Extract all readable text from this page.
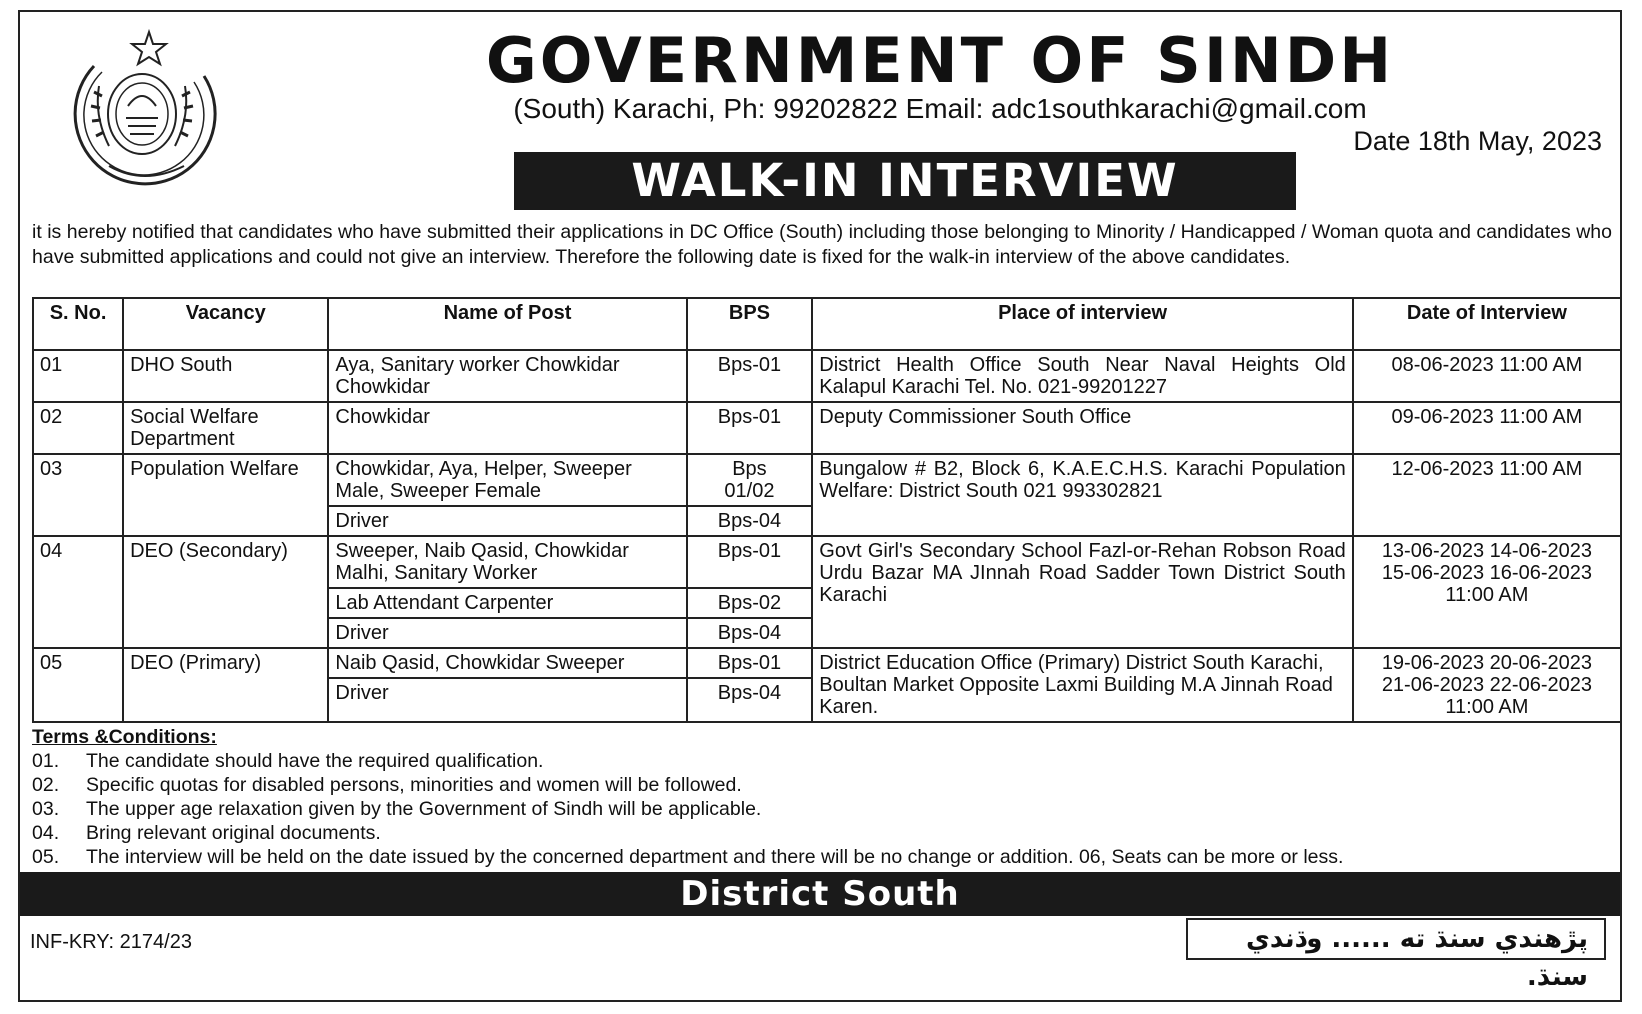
GOVERNMENT OF SINDH
(South) Karachi, Ph: 99202822 Email: adc1southkarachi@gmail.com
Date 18th May, 2023
WALK-IN INTERVIEW
it is hereby notified that candidates who have submitted their applications in DC Office (South) including those belonging to Minority / Handicapped / Woman quota and candidates who have submitted applications and could not give an interview. Therefore the following date is fixed for the walk-in interview of the above candidates.
S. No.	Vacancy	Name of Post	BPS	Place of interview	Date of Interview
01	DHO South	Aya, Sanitary worker Chowkidar Chowkidar	Bps-01	District Health Office South Near Naval Heights Old Kalapul Karachi Tel. No. 021-99201227	08-06-2023 11:00 AM
02	Social Welfare Department	Chowkidar	Bps-01	Deputy Commissioner South Office	09-06-2023 11:00 AM
03	Population Welfare	Chowkidar, Aya, Helper, Sweeper Male, Sweeper Female	Bps 01/02	Bungalow # B2, Block 6, K.A.E.C.H.S. Karachi Population Welfare: District South 021 993302821	12-06-2023 11:00 AM
		Driver	Bps-04		
04	DEO (Secondary)	Sweeper, Naib Qasid, Chowkidar Malhi, Sanitary Worker	Bps-01	Govt Girl's Secondary School Fazl-or-Rehan Robson Road Urdu Bazar MA JInnah Road Sadder Town District South Karachi	13-06-2023 14-06-2023 15-06-2023 16-06-2023 11:00 AM
		Lab Attendant Carpenter	Bps-02		
		Driver	Bps-04		
05	DEO (Primary)	Naib Qasid, Chowkidar Sweeper	Bps-01	District Education Office (Primary) District South Karachi, Boultan Market Opposite Laxmi Building M.A Jinnah Road Karen.	19-06-2023 20-06-2023 21-06-2023 22-06-2023 11:00 AM
		Driver	Bps-04		
Terms &Conditions:
01.	The candidate should have the required qualification.
02.	Specific quotas for disabled persons, minorities and women will be followed.
03.	The upper age relaxation given by the Government of Sindh will be applicable.
04.	Bring relevant original documents.
05.	The interview will be held on the date issued by the concerned department and there will be no change or addition. 06, Seats can be more or less.
District South
INF-KRY: 2174/23	پڙهندي سنڌ ته ...... وڌندي سنڌ.
